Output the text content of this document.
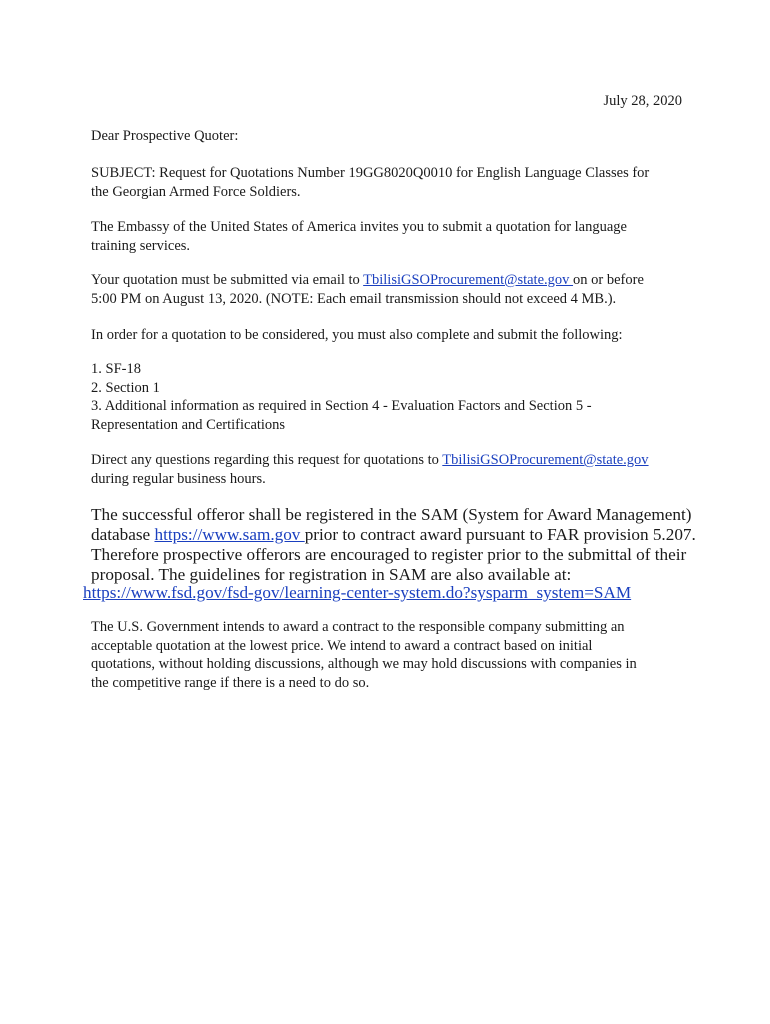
July 28, 2020

Dear Prospective Quoter:

SUBJECT: Request for Quotations Number 19GG8020Q0010 for English Language Classes for
the Georgian Armed Force Soldiers.

The Embassy of the United States of America invites you to submit a quotation for language
training services.

Your quotation must be submitted via email to TbilisiGSOProcurement@state.gov on or before
5:00 PM on August 13, 2020. (NOTE: Each email transmission should not exceed 4 MB.).

In order for a quotation to be considered, you must also complete and submit the following:

1. SF-18
2. Section 1
3. Additional information as required in Section 4 - Evaluation Factors and Section 5 -
Representation and Certifications

Direct any questions regarding this request for quotations to TbilisiGSOProcurement@state.gov
during regular business hours.

The successful offeror shall be registered in the SAM (System for Award Management)
database https://www.sam.gov prior to contract award pursuant to FAR provision 5.207.
Therefore prospective offerors are encouraged to register prior to the submittal of their
proposal. The guidelines for registration in SAM are also available at:
https://www.fsd.gov/fsd-gov/learning-center-system.do?sysparm_system=SAM

The U.S. Government intends to award a contract to the responsible company submitting an
acceptable quotation at the lowest price. We intend to award a contract based on initial
quotations, without holding discussions, although we may hold discussions with companies in
the competitive range if there is a need to do so.
